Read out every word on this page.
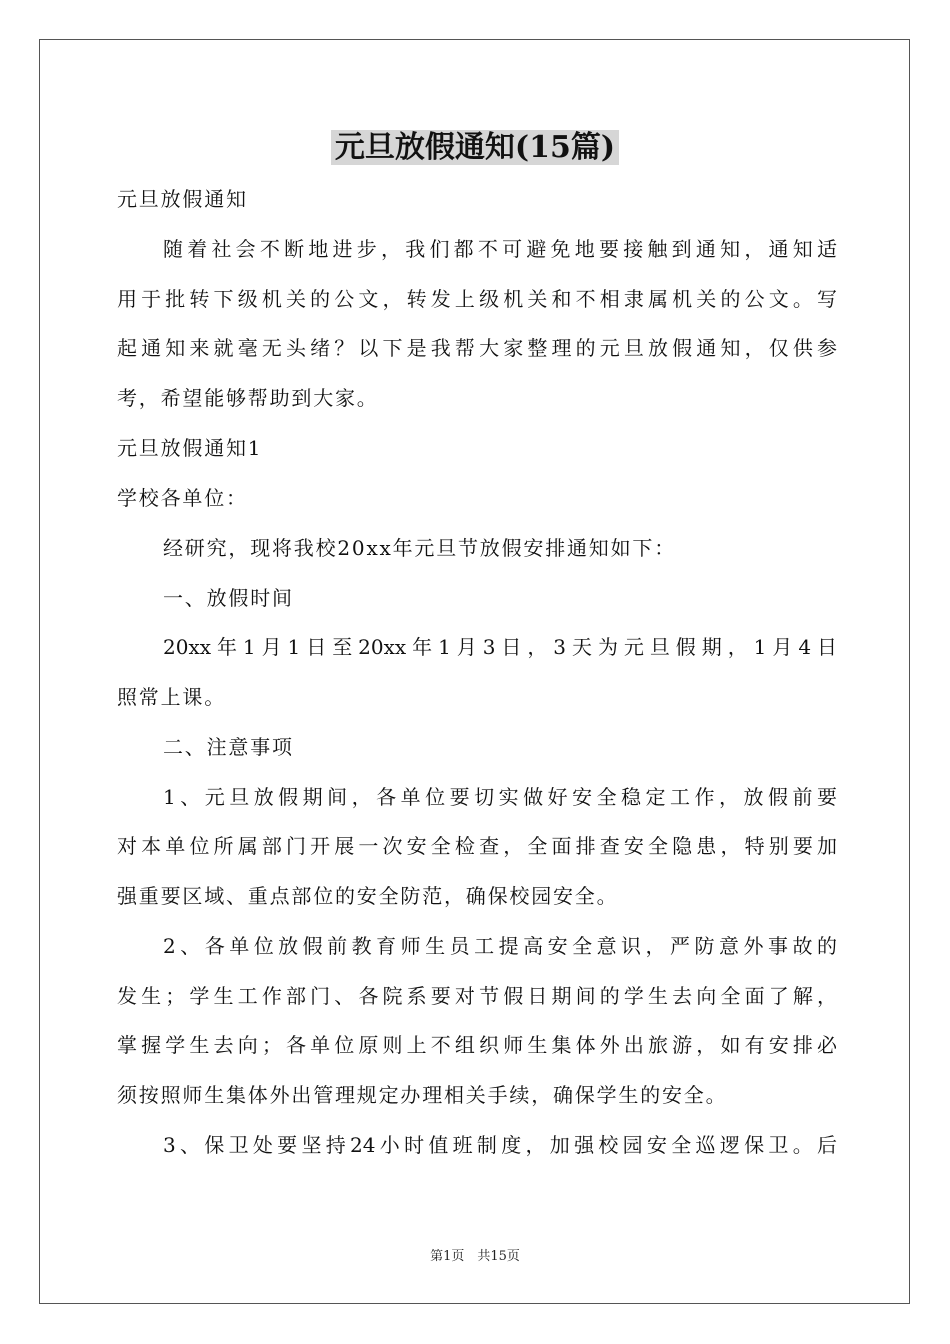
元旦放假通知(15篇)
元旦放假通知
随着社会不断地进步，我们都不可避免地要接触到通知，通知适
用于批转下级机关的公文，转发上级机关和不相隶属机关的公文。写
起通知来就毫无头绪？以下是我帮大家整理的元旦放假通知，仅供参
考，希望能够帮助到大家。
元旦放假通知1
学校各单位：
经研究，现将我校20xx年元旦节放假安排通知如下：
一、放假时间
20xx年1月1日至20xx年1月3日，3天为元旦假期，1月4日
照常上课。
二、注意事项
1、元旦放假期间，各单位要切实做好安全稳定工作，放假前要
对本单位所属部门开展一次安全检查，全面排查安全隐患，特别要加
强重要区域、重点部位的安全防范，确保校园安全。
2、各单位放假前教育师生员工提高安全意识，严防意外事故的
发生；学生工作部门、各院系要对节假日期间的学生去向全面了解，
掌握学生去向；各单位原则上不组织师生集体外出旅游，如有安排必
须按照师生集体外出管理规定办理相关手续，确保学生的安全。
3、保卫处要坚持24小时值班制度，加强校园安全巡逻保卫。后
第1页　共15页
